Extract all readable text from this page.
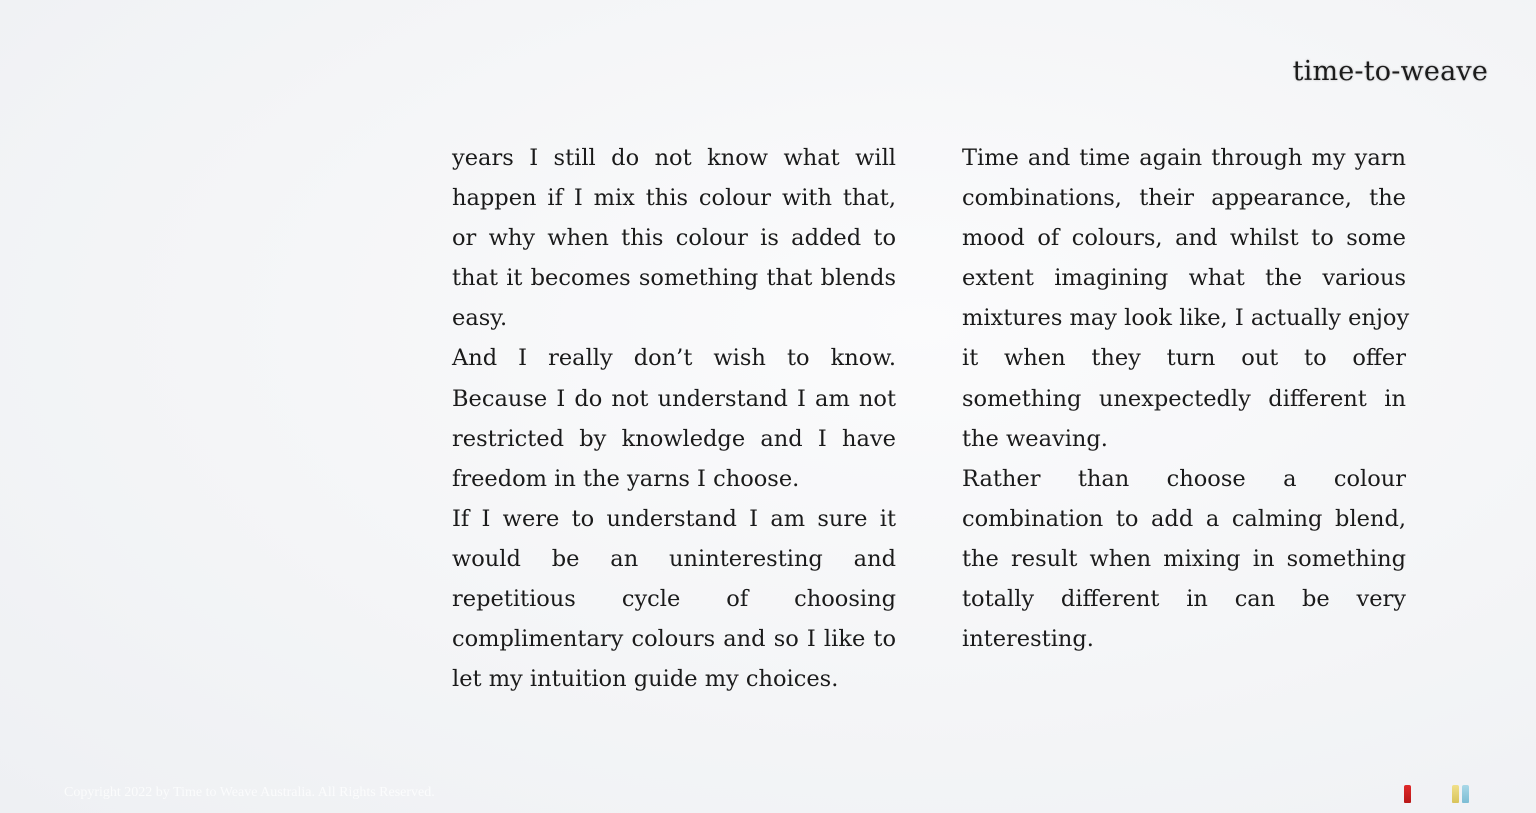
time-to-weave
years I still do not know what will
happen if I mix this colour with that,
or why when this colour is added to
that it becomes something that blends
easy.
And I really don’t wish to know.
Because I do not understand I am not
restricted by knowledge and I have
freedom in the yarns I choose.
If I were to understand I am sure it
would be an uninteresting and
repetitious cycle of choosing
complimentary colours and so I like to
let my intuition guide my choices.
Time and time again through my yarn
combinations, their appearance, the
mood of colours, and whilst to some
extent imagining what the various
mixtures may look like, I actually enjoy
it when they turn out to offer
something unexpectedly different in
the weaving.
Rather than choose a colour
combination to add a calming blend,
the result when mixing in something
totally different in can be very
interesting.
Copyright 2022 by Time to Weave Australia. All Rights Reserved.
